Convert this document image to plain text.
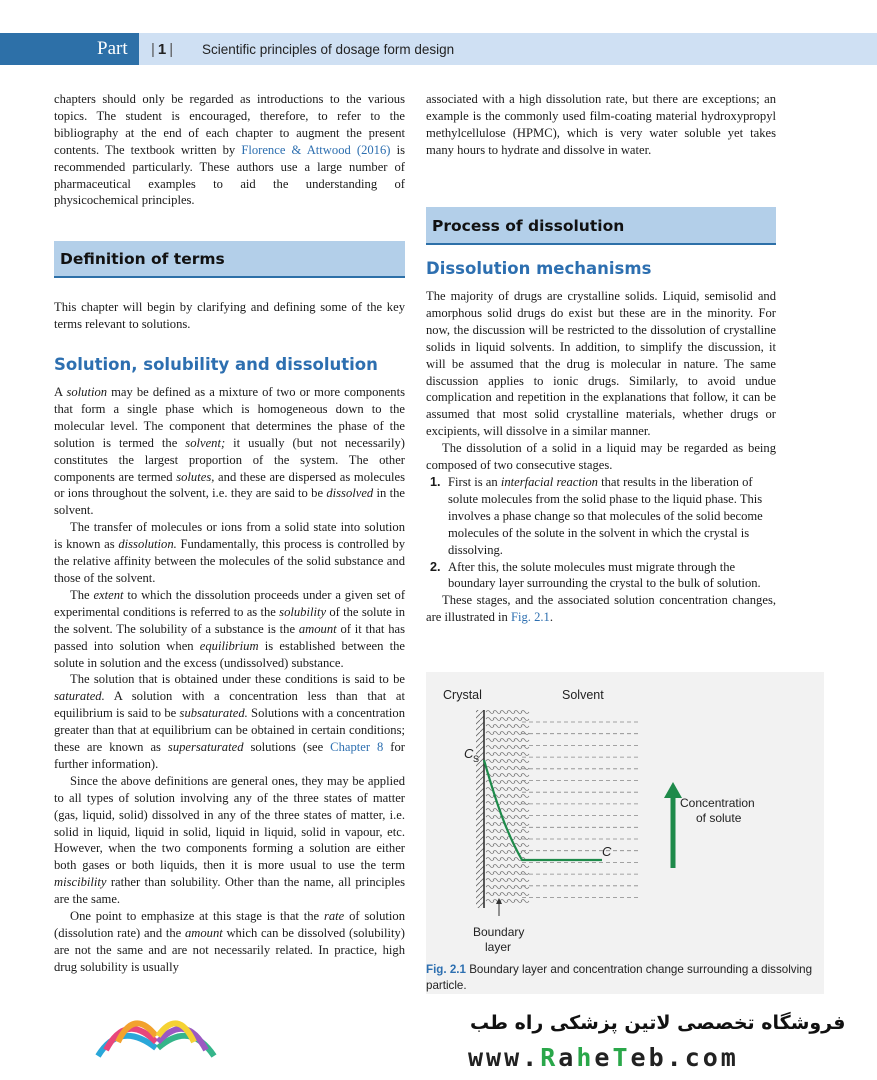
Part
|	1 |	Scientific principles of dosage form design

chapters should only be regarded as introductions to the various topics. The student is encouraged, therefore, to refer to the bibliography at the end of each chapter to augment the present contents. The textbook written by Florence & Attwood (2016) is recommended particularly. These authors use a large number of pharmaceutical examples to aid the understanding of physicochemical principles.

Definition of terms

This chapter will begin by clarifying and defining some of the key terms relevant to solutions.

Solution, solubility and dissolution

A solution may be defined as a mixture of two or more components that form a single phase which is homogeneous down to the molecular level. The component that determines the phase of the solution is termed the solvent; it usually (but not necessarily) constitutes the largest proportion of the system. The other components are termed solutes, and these are dispersed as molecules or ions throughout the solvent, i.e. they are said to be dissolved in the solvent.

The transfer of molecules or ions from a solid state into solution is known as dissolution. Fundamentally, this process is controlled by the relative affinity between the molecules of the solid substance and those of the solvent.

The extent to which the dissolution proceeds under a given set of experimental conditions is referred to as the solubility of the solute in the solvent. The solubility of a substance is the amount of it that has passed into solution when equilibrium is established between the solute in solution and the excess (undissolved) substance.

The solution that is obtained under these conditions is said to be saturated. A solution with a concentration less than that at equilibrium is said to be subsaturated. Solutions with a concentration greater than that at equilibrium can be obtained in certain conditions; these are known as supersaturated solutions (see Chapter 8 for further information).

Since the above definitions are general ones, they may be applied to all types of solution involving any of the three states of matter (gas, liquid, solid) dissolved in any of the three states of matter, i.e. solid in liquid, liquid in solid, liquid in liquid, solid in vapour, etc. However, when the two components forming a solution are either both gases or both liquids, then it is more usual to use the term miscibility rather than solubility. Other than the name, all principles are the same.

One point to emphasize at this stage is that the rate of solution (dissolution rate) and the amount which can be dissolved (solubility) are not the same and are not necessarily related. In practice, high drug solubility is usually

associated with a high dissolution rate, but there are exceptions; an example is the commonly used film-coating material hydroxypropyl methylcellulose (HPMC), which is very water soluble yet takes many hours to hydrate and dissolve in water.

Process of dissolution
Dissolution mechanisms

The majority of drugs are crystalline solids. Liquid, semisolid and amorphous solid drugs do exist but these are in the minority. For now, the discussion will be restricted to the dissolution of crystalline solids in liquid solvents. In addition, to simplify the discussion, it will be assumed that the drug is molecular in nature. The same discussion applies to ionic drugs. Similarly, to avoid undue complication and repetition in the explanations that follow, it can be assumed that most solid crystalline materials, whether drugs or excipients, will dissolve in a similar manner.

The dissolution of a solid in a liquid may be regarded as being composed of two consecutive stages.

1. First is an interfacial reaction that results in the liberation of solute molecules from the solid phase to the liquid phase. This involves a phase change so that molecules of the solid become molecules of the solute in the solvent in which the crystal is dissolving.
2. After this, the solute molecules must migrate through the boundary layer surrounding the crystal to the bulk of solution.

These stages, and the associated solution concentration changes, are illustrated in Fig. 2.1.

Crystal	Solvent
C S
C
Concentration
of solute
Boundary
layer
Fig. 2.1 Boundary layer and concentration change surrounding a dissolving particle.
فروشگاه تخصصی لاتین پزشکی راه طب
www.RaheTeb.com
